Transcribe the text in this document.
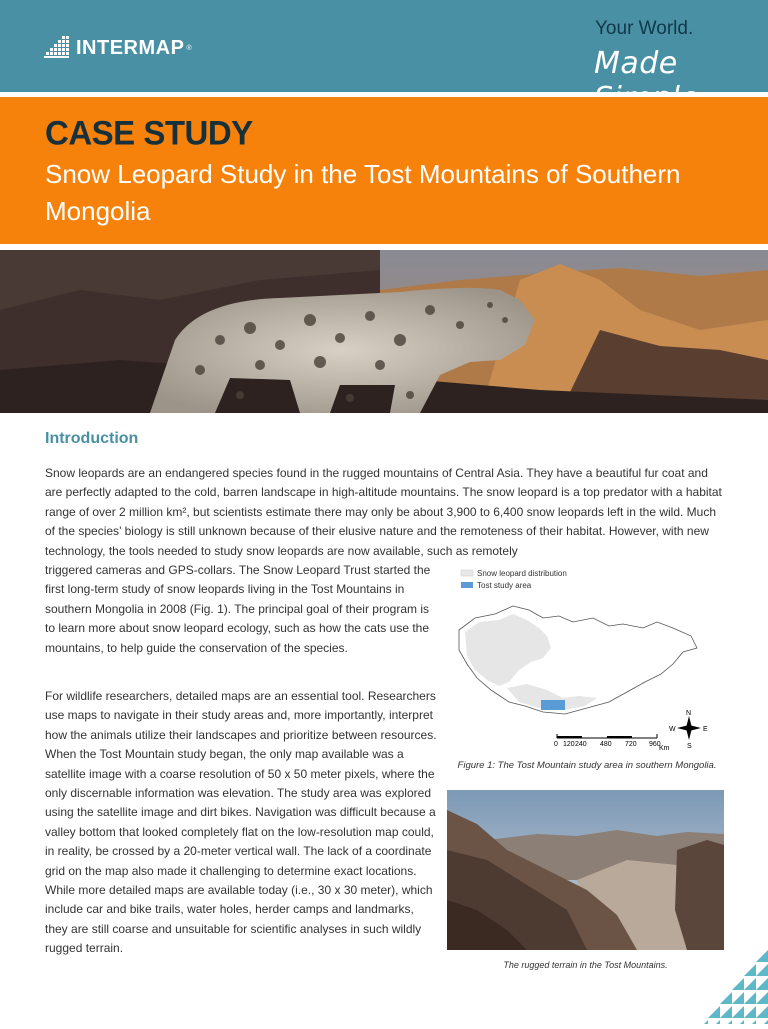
INTERMAP ®
Your World.
Made
CASE STUDY
Snow Leopard Study in the Tost Mountains of Southern Mongolia
Introduction

Snow leopards are an endangered species found in the rugged mountains of Central Asia. They have a beautiful fur coat and are perfectly adapted to the cold, barren landscape in high-altitude mountains. The snow leopard is a top predator with a habitat range of over 2 million km², but scientists estimate there may only be about 3,900 to 6,400 snow leopards left in the wild. Much of the species’ biology is still unknown because of their elusive nature and the remoteness of their habitat. However, with new technology, the tools needed to study snow leopards are now available, such as remotely

triggered cameras and GPS-collars. The Snow Leopard Trust started the first long-term study of snow leopards living in the Tost Mountains in southern Mongolia in 2008 (Fig. 1). The principal goal of their program is to learn more about snow leopard ecology, such as how the cats use the mountains, to help guide the conservation of the species.

For wildlife researchers, detailed maps are an essential tool. Researchers use maps to navigate in their study areas and, more importantly, interpret how the animals utilize their landscapes and prioritize between resources. When the Tost Mountain study began, the only map available was a satellite image with a coarse resolution of 50 x 50 meter pixels, where the only discernable information was elevation. The study area was explored using the satellite image and dirt bikes. Navigation was difficult because a valley bottom that looked completely flat on the low-resolution map could, in reality, be crossed by a 20-meter vertical wall. The lack of a coordinate grid on the map also made it challenging to determine exact locations. While more detailed maps are available today (i.e., 30 x 30 meter), which include car and bike trails, water holes, herder camps and landmarks, they are still coarse and unsuitable for scientific analyses in such wildly rugged terrain.

Snow leopard distribution
Tost study area
0 120 240 480 720 960
Km
N
S
E
W
Figure 1: The Tost Mountain study area in southern Mongolia.
The rugged terrain in the Tost Mountains.
